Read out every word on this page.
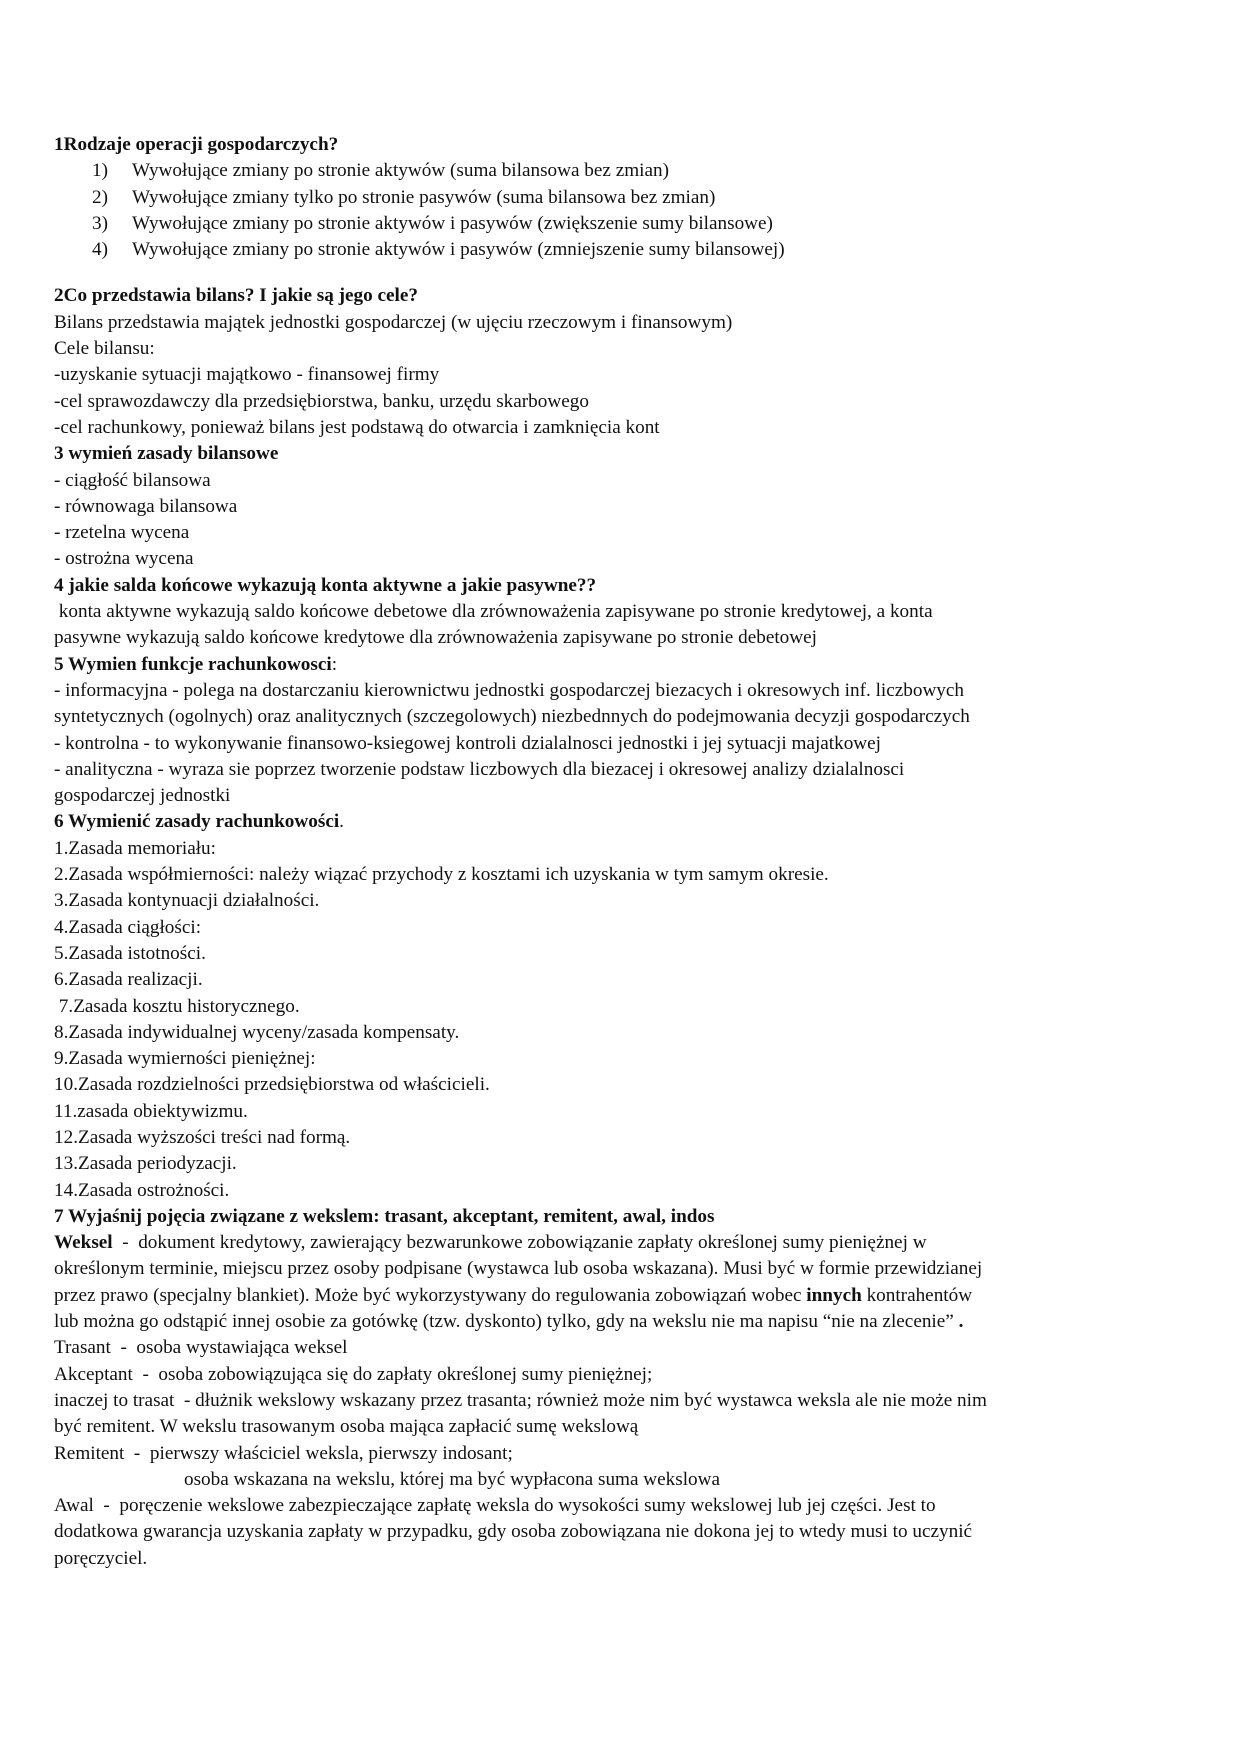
1Rodzaje operacji gospodarczych?
1) Wywołujące zmiany po stronie aktywów (suma bilansowa bez zmian)
2) Wywołujące zmiany tylko po stronie pasywów (suma bilansowa bez zmian)
3) Wywołujące zmiany po stronie aktywów i pasywów (zwiększenie sumy bilansowe)
4) Wywołujące zmiany po stronie aktywów i pasywów (zmniejszenie sumy bilansowej)
2Co przedstawia bilans? I jakie są jego cele?
Bilans przedstawia majątek jednostki gospodarczej (w ujęciu rzeczowym i finansowym)
Cele bilansu:
-uzyskanie sytuacji majątkowo - finansowej firmy
-cel sprawozdawczy dla przedsiębiorstwa, banku, urzędu skarbowego
-cel rachunkowy, ponieważ bilans jest podstawą do otwarcia i zamknięcia kont
3 wymień zasady bilansowe
- ciągłość bilansowa
- równowaga bilansowa
- rzetelna wycena
- ostrożna wycena
4 jakie salda końcowe wykazują konta aktywne a jakie pasywne??
konta aktywne wykazują saldo końcowe debetowe dla zrównoważenia zapisywane po stronie kredytowej, a konta
pasywne wykazują saldo końcowe kredytowe dla zrównoważenia zapisywane po stronie debetowej
5 Wymien funkcje rachunkowosci:
- informacyjna - polega na dostarczaniu kierownictwu jednostki gospodarczej biezacych i okresowych inf. liczbowych
syntetycznych (ogolnych) oraz analitycznych (szczegolowych) niezbednnych do podejmowania decyzji gospodarczych
- kontrolna - to wykonywanie finansowo-ksiegowej kontroli dzialalnosci jednostki i jej sytuacji majatkowej
- analityczna - wyraza sie poprzez tworzenie podstaw liczbowych dla biezacej i okresowej analizy dzialalnosci
gospodarczej jednostki
6 Wymienić zasady rachunkowości.
1.Zasada memoriału:
2.Zasada współmierności: należy wiązać przychody z kosztami ich uzyskania w tym samym okresie.
3.Zasada kontynuacji działalności.
4.Zasada ciągłości:
5.Zasada istotności.
6.Zasada realizacji.
7.Zasada kosztu historycznego.
8.Zasada indywidualnej wyceny/zasada kompensaty.
9.Zasada wymierności pieniężnej:
10.Zasada rozdzielności przedsiębiorstwa od właścicieli.
11.zasada obiektywizmu.
12.Zasada wyższości treści nad formą.
13.Zasada periodyzacji.
14.Zasada ostrożności.
7 Wyjaśnij pojęcia związane z wekslem: trasant, akceptant, remitent, awal, indos
Weksel  -  dokument kredytowy, zawierający bezwarunkowe zobowiązanie zapłaty określonej sumy pieniężnej w
określonym terminie, miejscu przez osoby podpisane (wystawca lub osoba wskazana). Musi być w formie przewidzianej
przez prawo (specjalny blankiet). Może być wykorzystywany do regulowania zobowiązań wobec innych kontrahentów
lub można go odstąpić innej osobie za gotówkę (tzw. dyskonto) tylko, gdy na wekslu nie ma napisu “nie na zlecenie” .
Trasant  -  osoba wystawiająca weksel
Akceptant  -  osoba zobowiązująca się do zapłaty określonej sumy pieniężnej;
inaczej to trasat  - dłużnik wekslowy wskazany przez trasanta; również może nim być wystawca weksla ale nie może nim
być remitent. W wekslu trasowanym osoba mająca zapłacić sumę wekslową
Remitent  -  pierwszy właściciel weksla, pierwszy indosant;
osoba wskazana na wekslu, której ma być wypłacona suma wekslowa
Awal  -  poręczenie wekslowe zabezpieczające zapłatę weksla do wysokości sumy wekslowej lub jej części. Jest to
dodatkowa gwarancja uzyskania zapłaty w przypadku, gdy osoba zobowiązana nie dokona jej to wtedy musi to uczynić
poręczyciel.
